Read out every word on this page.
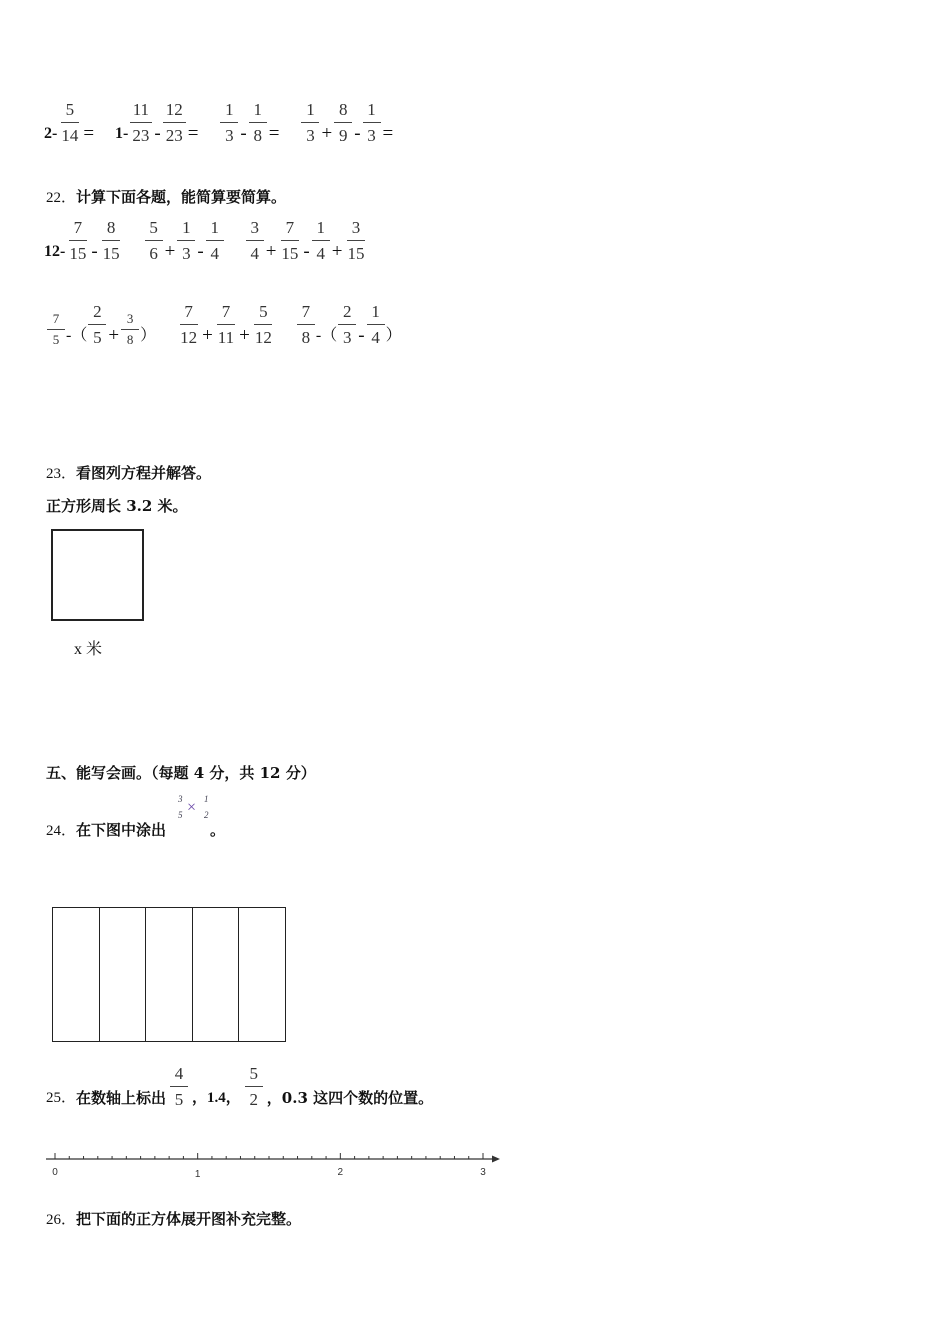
$2- \frac{5}{14} = 1- \frac{11}{23} - \frac{12}{23} = \frac{1}{3} - \frac{1}{8} = \frac{1}{3} + \frac{8}{9} - \frac{1}{3}$ =
22．计算下面各题，能简算要简算。
$12- \frac{7}{15} - \frac{8}{15} \frac{5}{6} + \frac{1}{3} - \frac{1}{4} \frac{3}{4} + \frac{7}{15} - \frac{1}{4} + \frac{3}{15}$
$\frac{7}{5}$ -（ $\frac{2}{5} + \frac{3}{8}$ ） $\frac{7}{12} + \frac{7}{11} + \frac{5}{12} \frac{7}{8}$ -（ $\frac{2}{3} - \frac{1}{4}$ ）
23．看图列方程并解答。
正方形周长 3.2 米。
x 米
五、能写会画。（每题 4 分，共 12 分）
24．在下图中涂出
3
5 × 1
2
。
25． 在数轴上标出 $\frac{4}{5}$ ，1.4， $\frac{5}{2}$ ，0.3 这四个数的位置。
0	1	2	3
26．把下面的正方体展开图补充完整。
